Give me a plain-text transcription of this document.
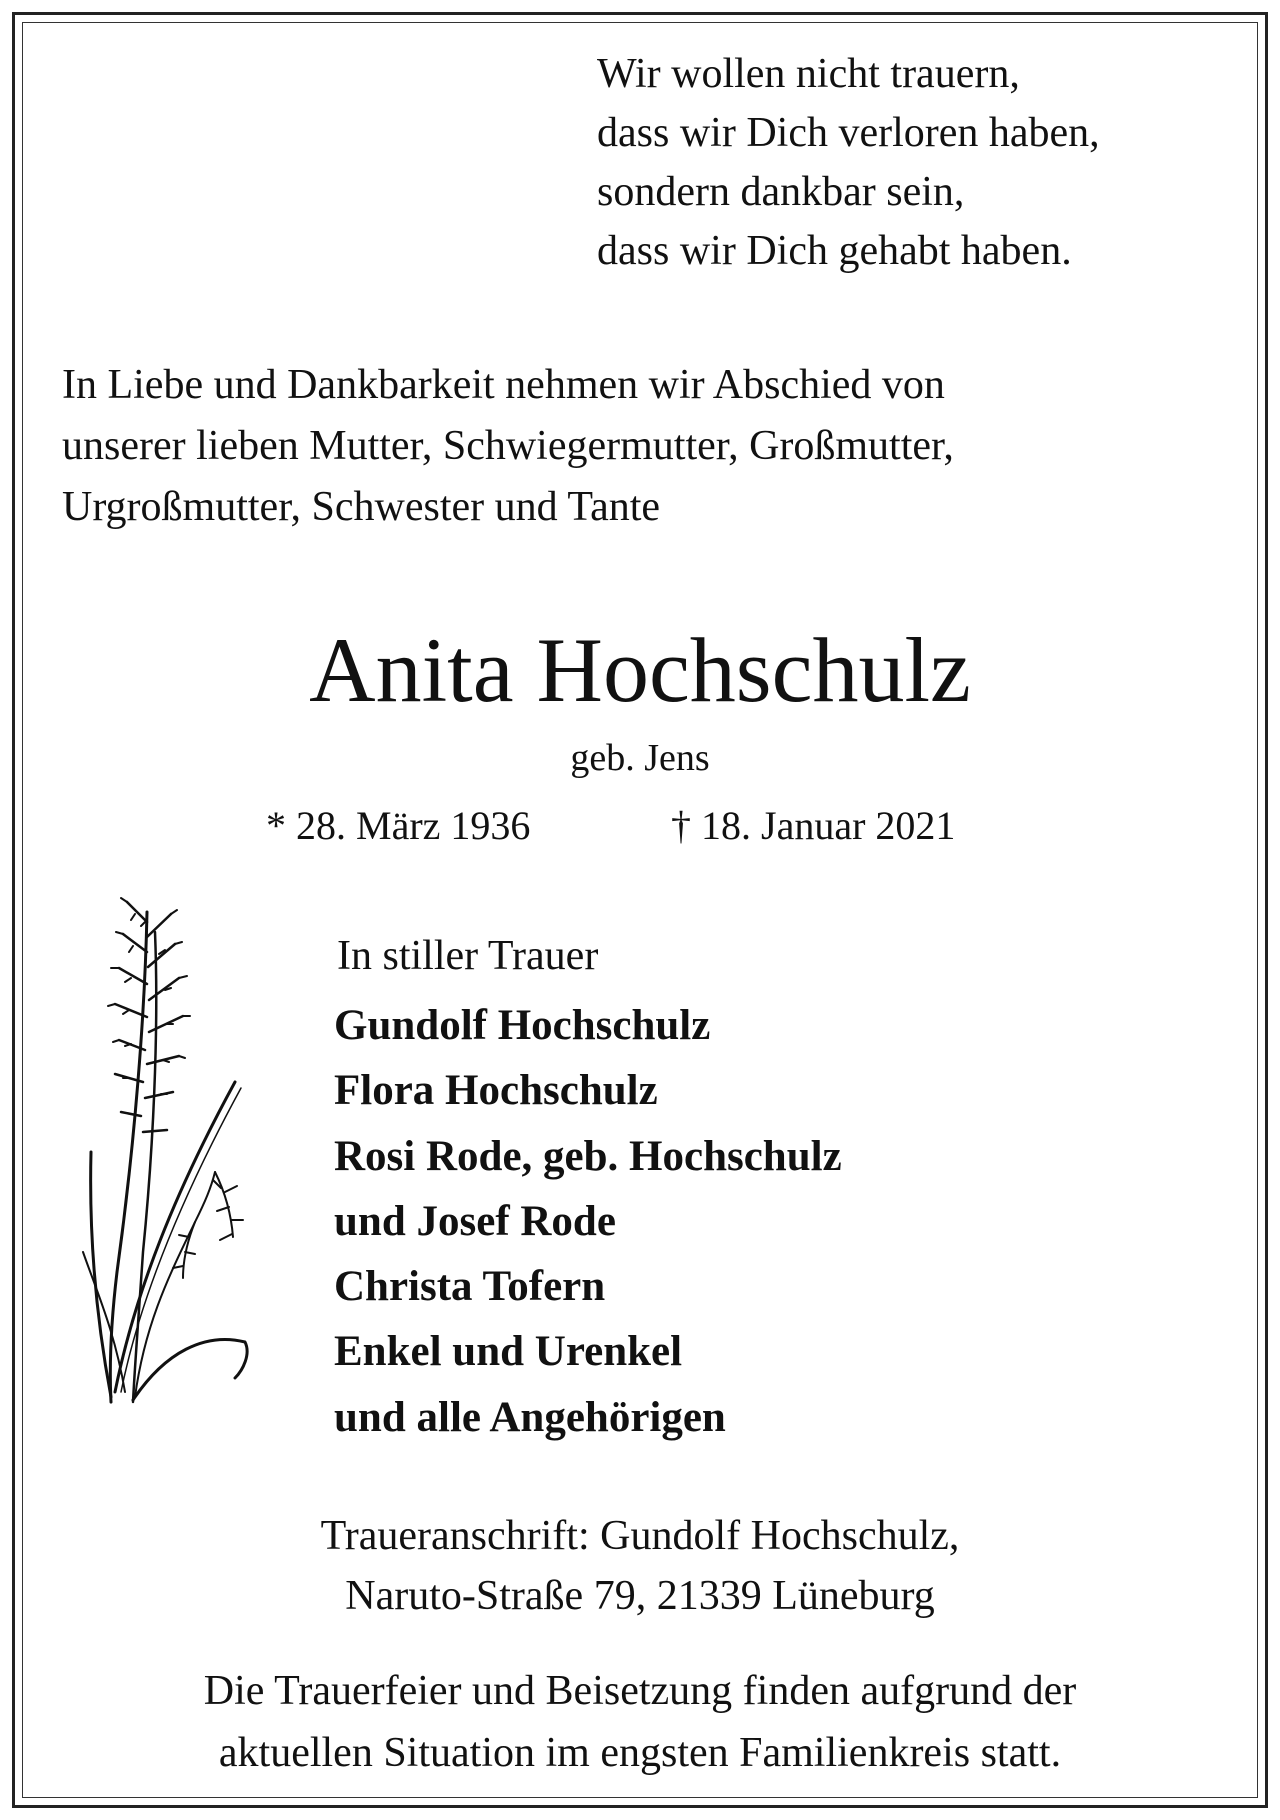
Wir wollen nicht trauern,
dass wir Dich verloren haben,
sondern dankbar sein,
dass wir Dich gehabt haben.
In Liebe und Dankbarkeit nehmen wir Abschied von
unserer lieben Mutter, Schwiegermutter, Großmutter,
Urgroßmutter, Schwester und Tante
Anita Hochschulz
geb. Jens
* 28. März 1936	† 18. Januar 2021
In stiller Trauer
Gundolf Hochschulz
Flora Hochschulz
Rosi Rode, geb. Hochschulz
und Josef Rode
Christa Tofern
Enkel und Urenkel
und alle Angehörigen
Traueranschrift: Gundolf Hochschulz,
Naruto-Straße 79, 21339 Lüneburg
Die Trauerfeier und Beisetzung finden aufgrund der
aktuellen Situation im engsten Familienkreis statt.
